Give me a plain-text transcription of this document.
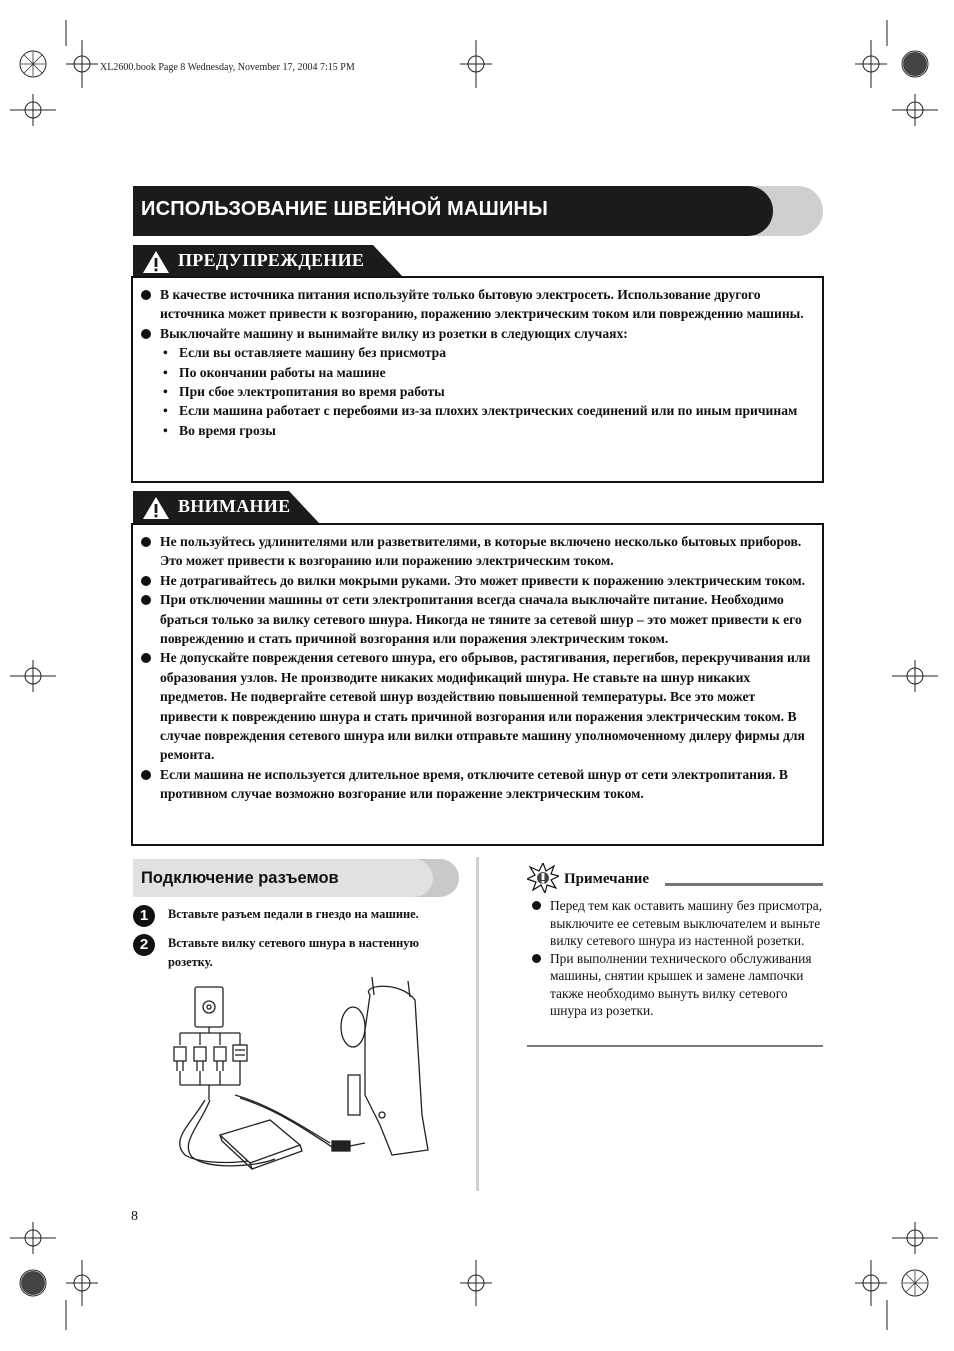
XL2600.book Page 8 Wednesday, November 17, 2004 7:15 PM
ИСПОЛЬЗОВАНИЕ ШВЕЙНОЙ МАШИНЫ
ПРЕДУПРЕЖДЕНИЕ
В качестве источника питания используйте только бытовую электросеть. Использование другого источника может привести к возгоранию, поражению электрическим током или повреждению машины.
Выключайте машину и вынимайте вилку из розетки в следующих случаях:
• Если вы оставляете машину без присмотра
• По окончании работы на машине
• При сбое электропитания во время работы
• Если машина работает с перебоями из-за плохих электрических соединений или по иным причинам
• Во время грозы
ВНИМАНИЕ
Не пользуйтесь удлинителями или разветвителями, в которые включено несколько бытовых приборов. Это может привести к возгоранию или поражению электрическим током.
Не дотрагивайтесь до вилки мокрыми руками. Это может привести к поражению электрическим током.
При отключении машины от сети электропитания всегда сначала выключайте питание. Необходимо браться только за вилку сетевого шнура. Никогда не тяните за сетевой шнур – это может привести к его повреждению и стать причиной возгорания или поражения электрическим током.
Не допускайте повреждения сетевого шнура, его обрывов, растягивания, перегибов, перекручивания или образования узлов. Не производите никаких модификаций шнура. Не ставьте на шнур никаких предметов. Не подвергайте сетевой шнур воздействию повышенной температуры. Все это может привести к повреждению шнура и стать причиной возгорания или поражения электрическим током. В случае повреждения сетевого шнура или вилки отправьте машину уполномоченному дилеру фирмы для ремонта.
Если машина не используется длительное время, отключите сетевой шнур от сети электропитания. В противном случае возможно возгорание или поражение электрическим током.
Подключение разъемов
1	Вставьте разъем педали в гнездо на машине.
2	Вставьте вилку сетевого шнура в настенную розетку.
Примечание
Перед тем как оставить машину без присмотра, выключите ее сетевым выключателем и выньте вилку сетевого шнура из настенной розетки.
При выполнении технического обслуживания машины, снятии крышек и замене лампочки также необходимо вынуть вилку сетевого шнура из розетки.
8
